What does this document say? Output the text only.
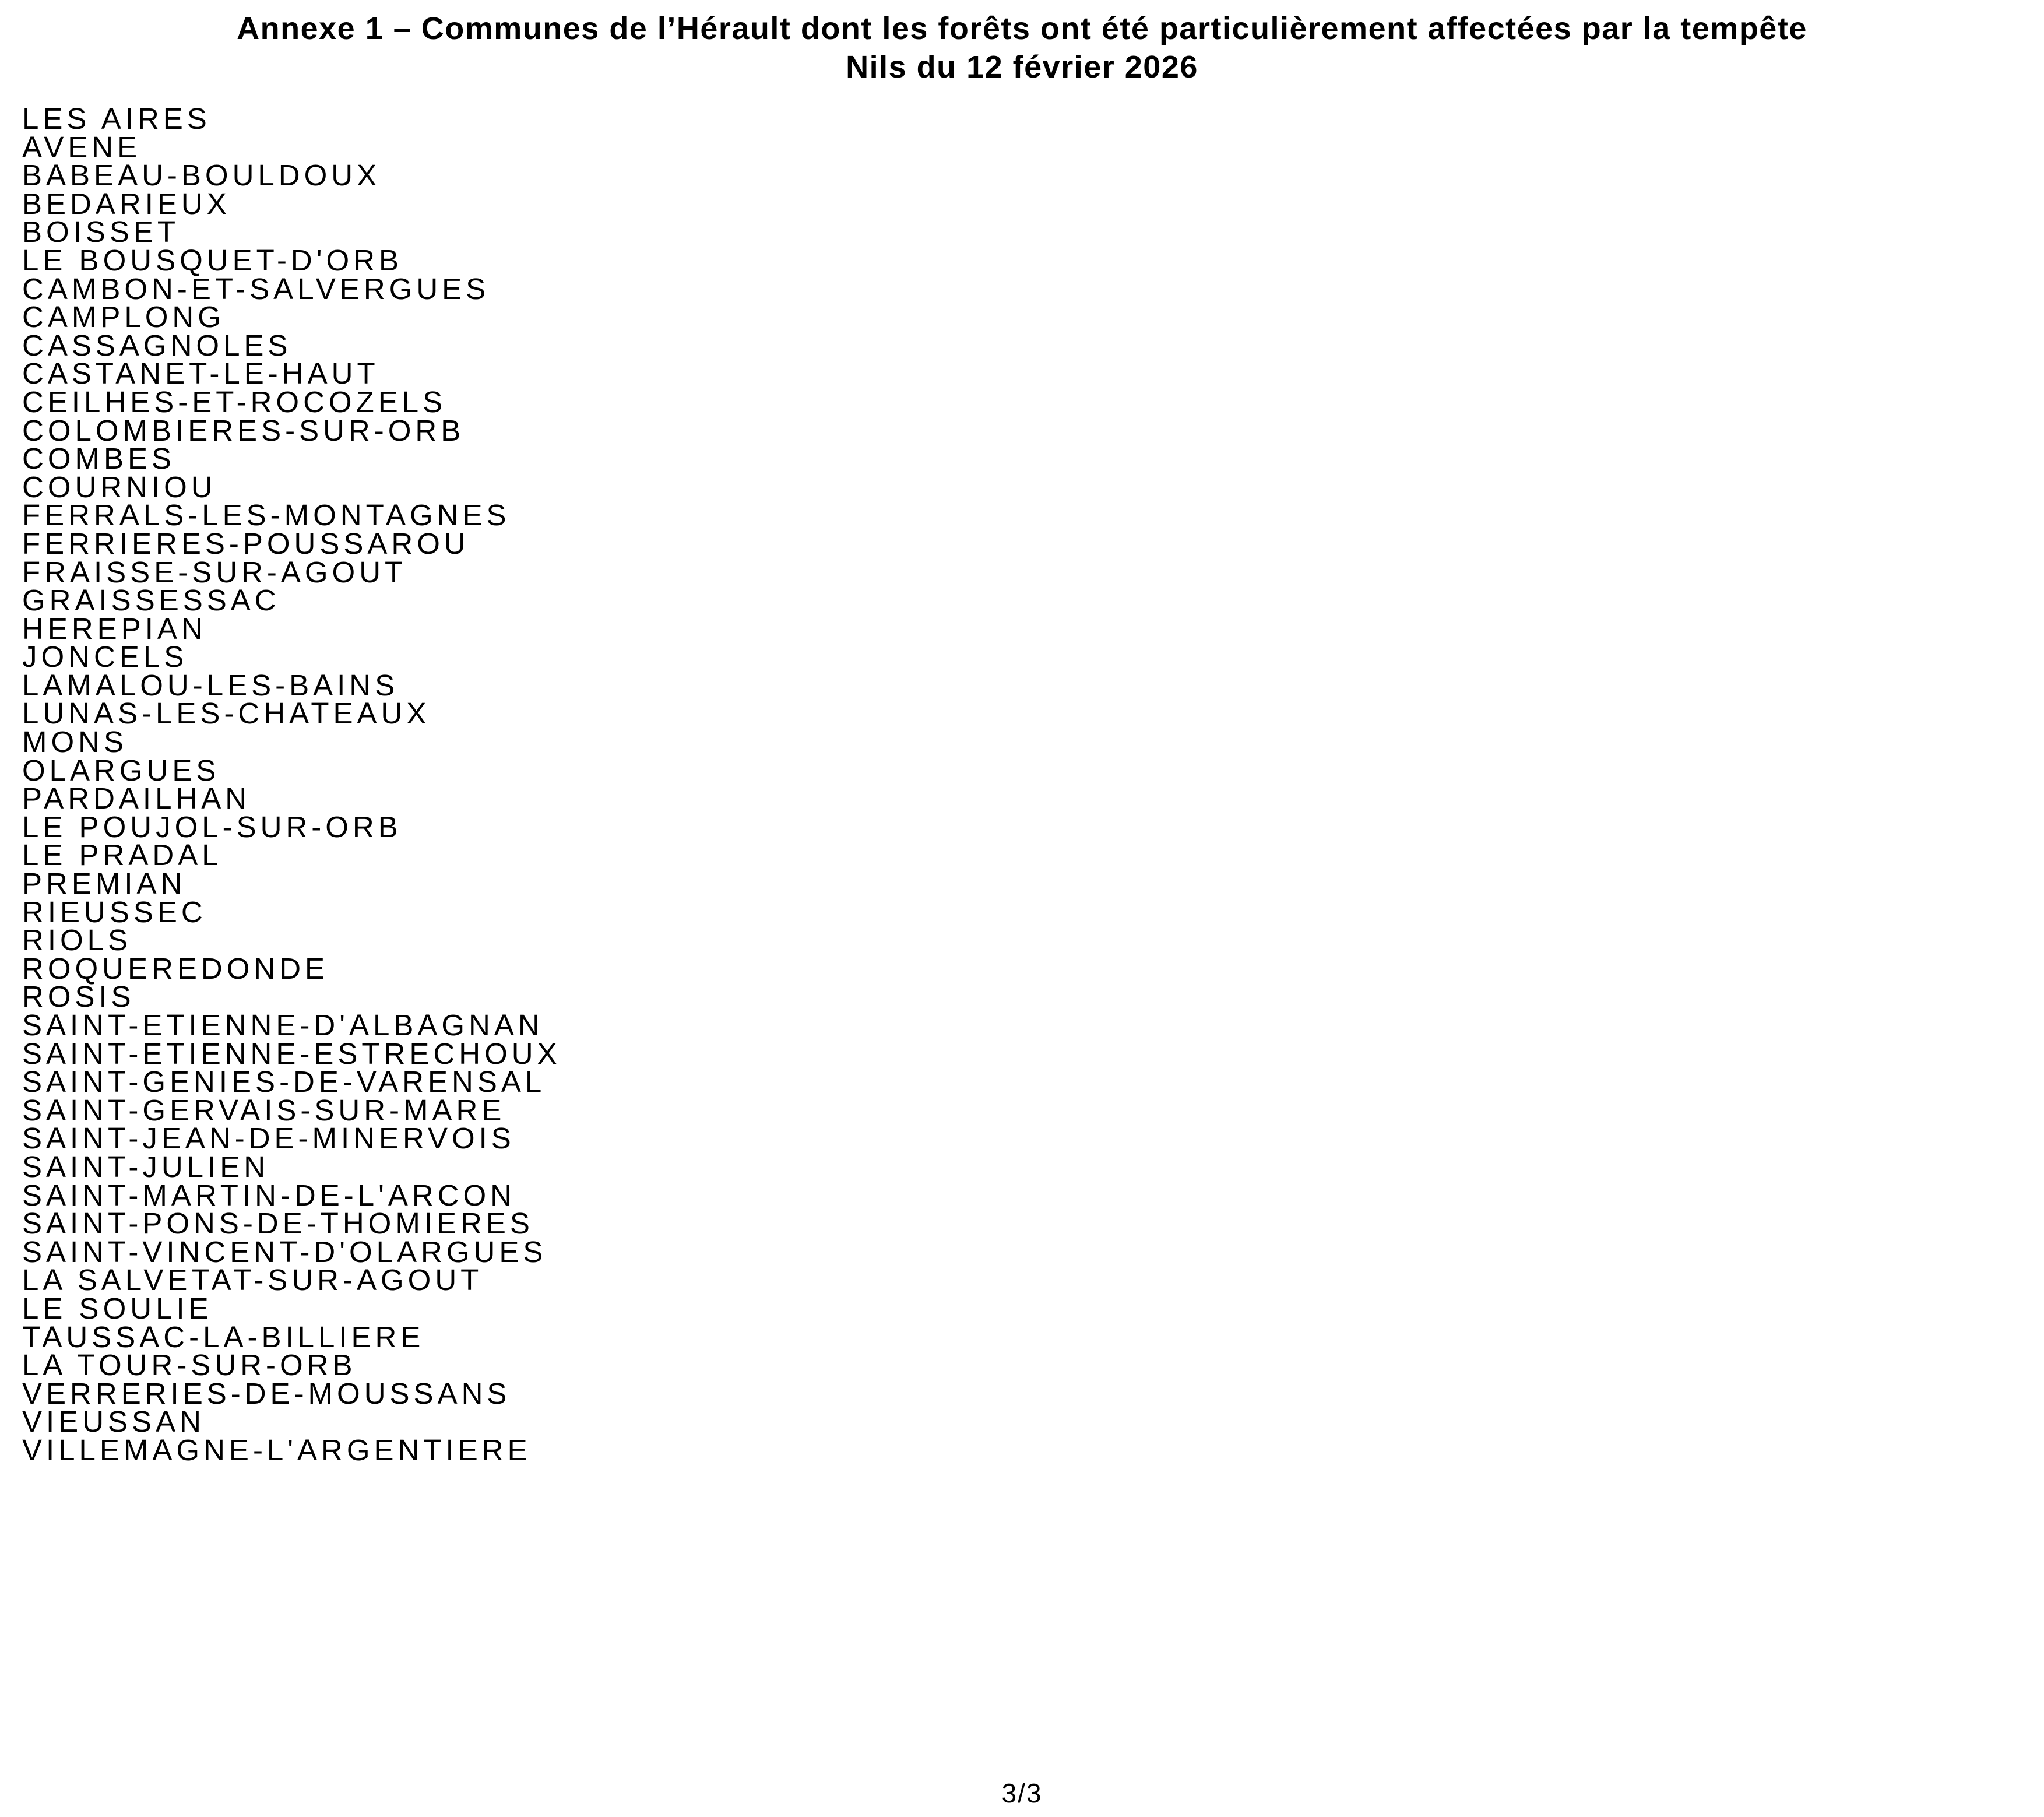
Annexe 1 – Communes de l’Hérault dont les forêts ont été particulièrement affectées par la tempête
Nils du 12 février 2026
LES AIRES
AVENE
BABEAU-BOULDOUX
BEDARIEUX
BOISSET
LE BOUSQUET-D'ORB
CAMBON-ET-SALVERGUES
CAMPLONG
CASSAGNOLES
CASTANET-LE-HAUT
CEILHES-ET-ROCOZELS
COLOMBIERES-SUR-ORB
COMBES
COURNIOU
FERRALS-LES-MONTAGNES
FERRIERES-POUSSAROU
FRAISSE-SUR-AGOUT
GRAISSESSAC
HEREPIAN
JONCELS
LAMALOU-LES-BAINS
LUNAS-LES-CHATEAUX
MONS
OLARGUES
PARDAILHAN
LE POUJOL-SUR-ORB
LE PRADAL
PREMIAN
RIEUSSEC
RIOLS
ROQUEREDONDE
ROSIS
SAINT-ETIENNE-D'ALBAGNAN
SAINT-ETIENNE-ESTRECHOUX
SAINT-GENIES-DE-VARENSAL
SAINT-GERVAIS-SUR-MARE
SAINT-JEAN-DE-MINERVOIS
SAINT-JULIEN
SAINT-MARTIN-DE-L'ARCON
SAINT-PONS-DE-THOMIERES
SAINT-VINCENT-D'OLARGUES
LA SALVETAT-SUR-AGOUT
LE SOULIE
TAUSSAC-LA-BILLIERE
LA TOUR-SUR-ORB
VERRERIES-DE-MOUSSANS
VIEUSSAN
VILLEMAGNE-L'ARGENTIERE
3/3
